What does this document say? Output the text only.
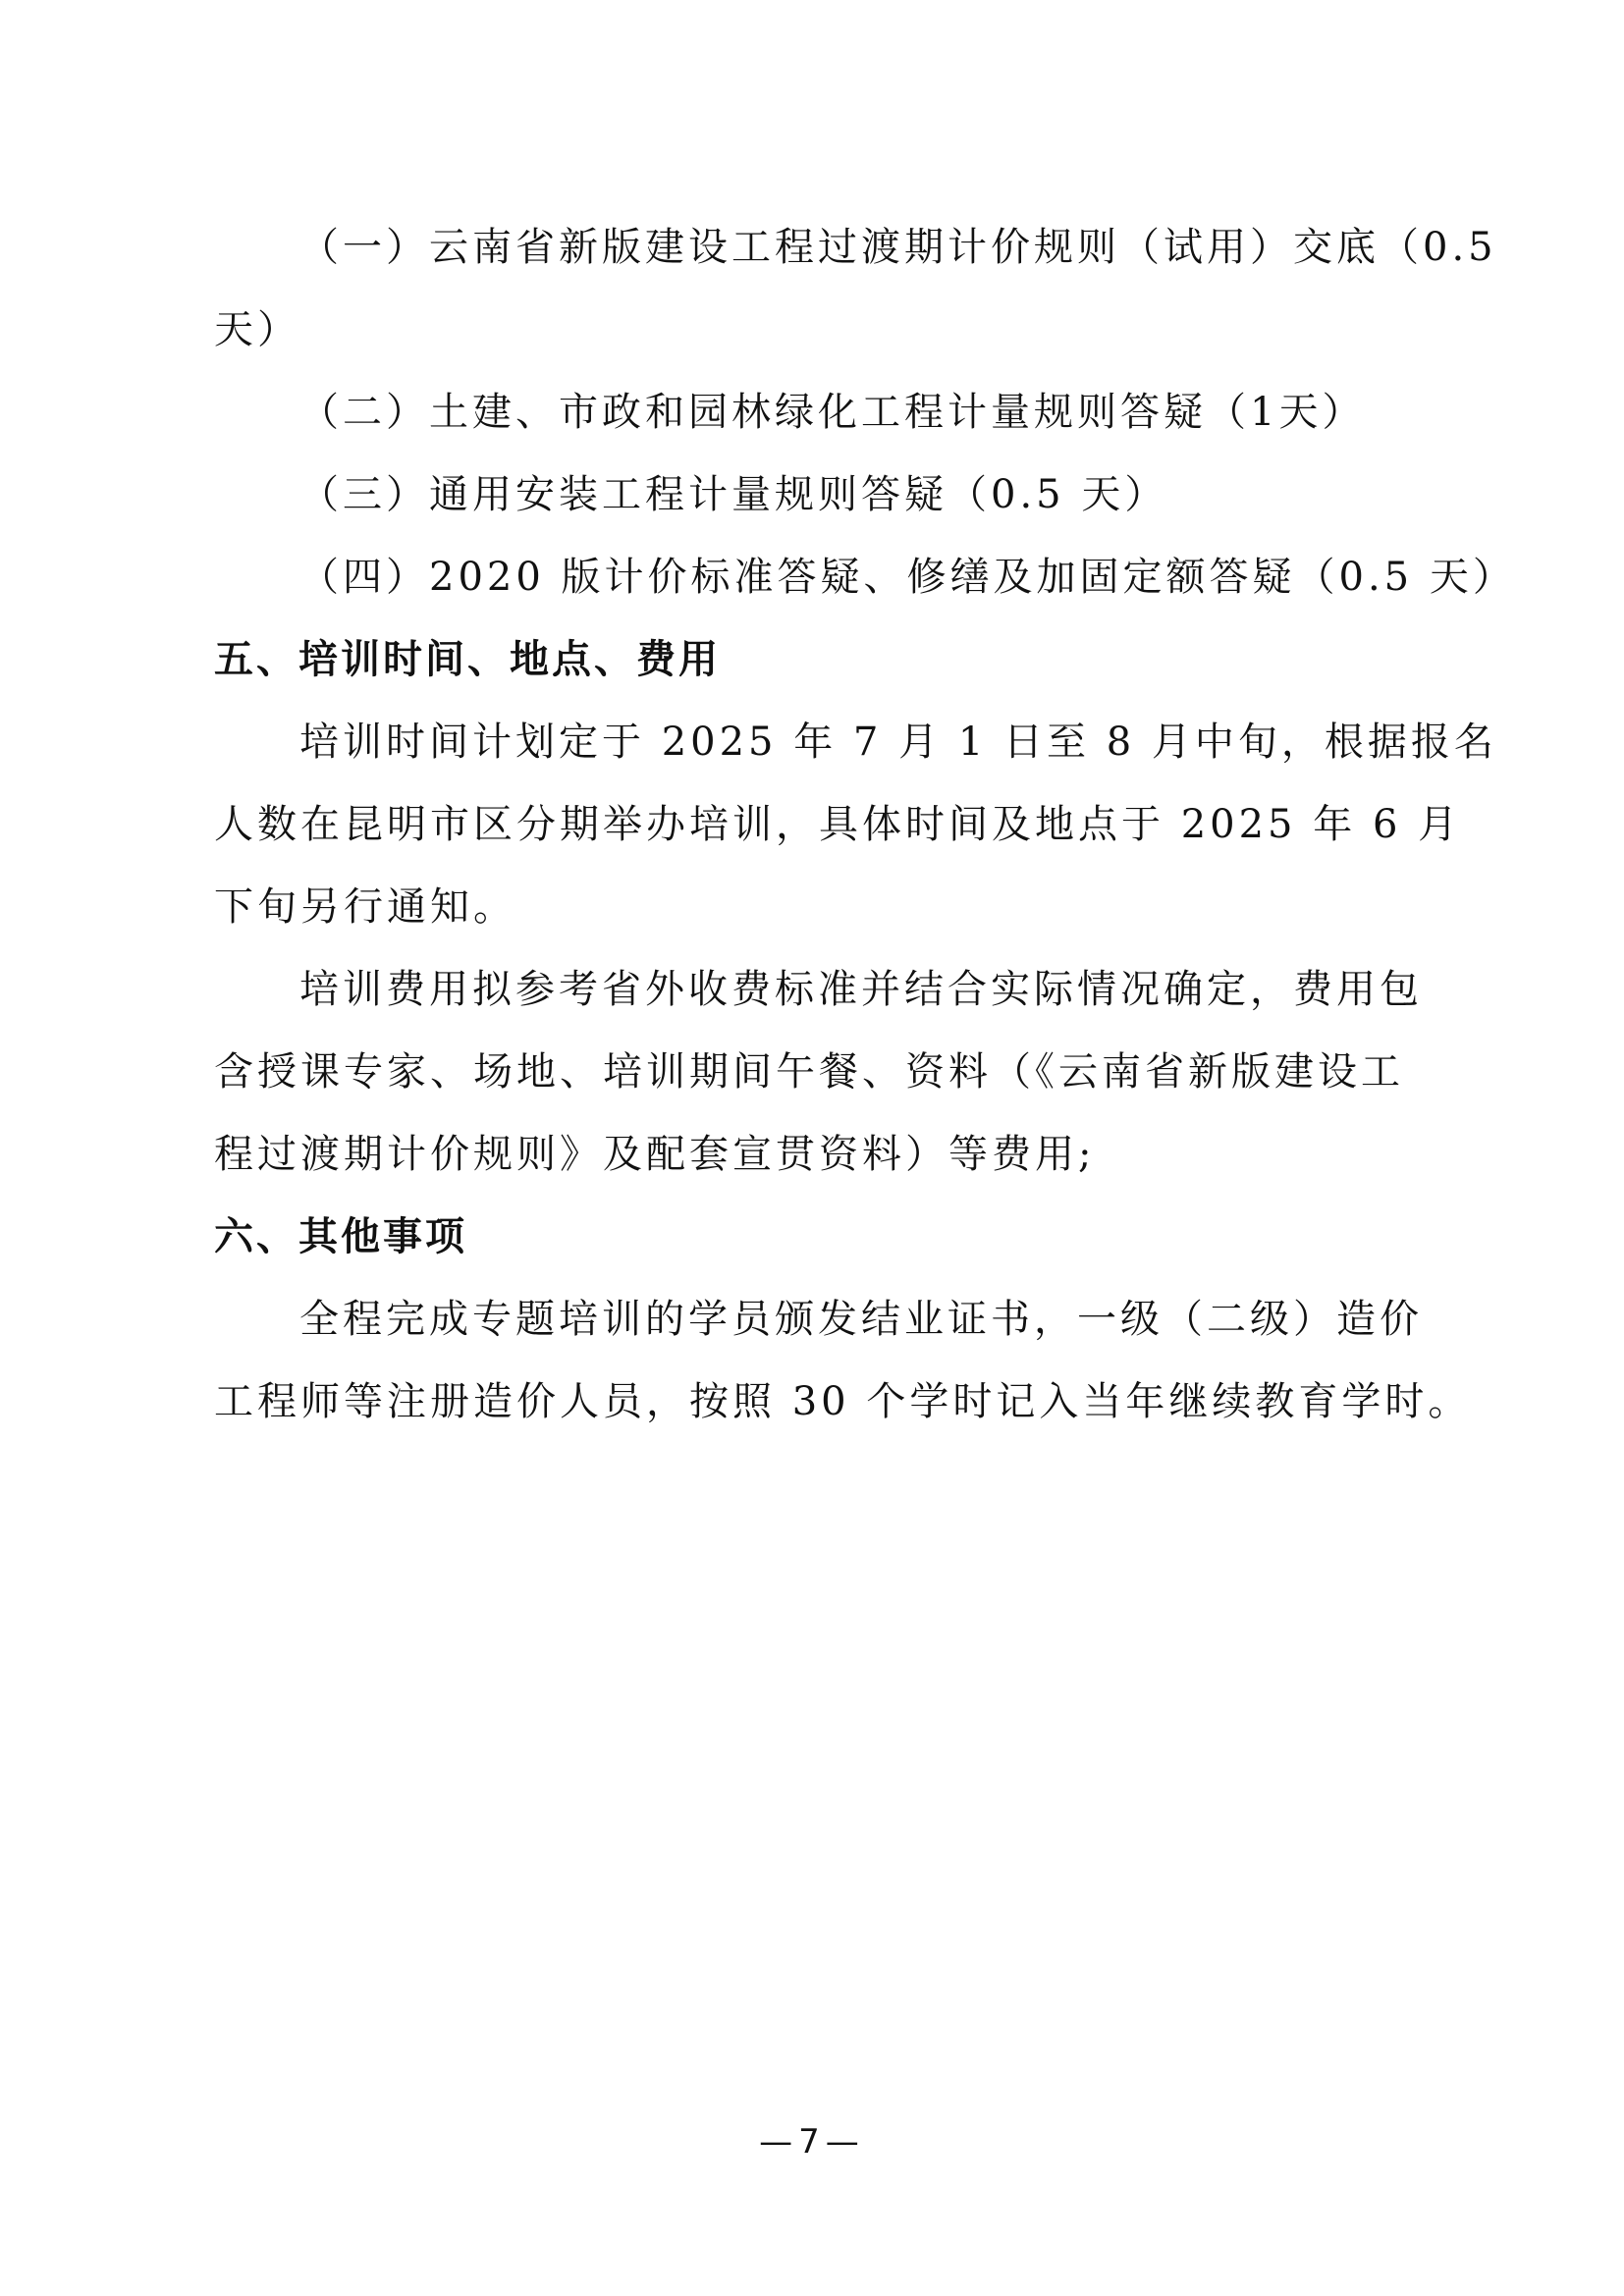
（一）云南省新版建设工程过渡期计价规则（试用）交底（0.5
天）
（二）土建、市政和园林绿化工程计量规则答疑（1天）
（三）通用安装工程计量规则答疑（0.5 天）
（四）2020 版计价标准答疑、修缮及加固定额答疑（0.5 天）
五、培训时间、地点、费用
培训时间计划定于 2025 年 7 月 1 日至 8 月中旬，根据报名
人数在昆明市区分期举办培训，具体时间及地点于 2025 年 6 月
下旬另行通知。
培训费用拟参考省外收费标准并结合实际情况确定，费用包
含授课专家、场地、培训期间午餐、资料（《云南省新版建设工
程过渡期计价规则》及配套宣贯资料）等费用;
六、其他事项
全程完成专题培训的学员颁发结业证书，一级（二级）造价
工程师等注册造价人员，按照 30 个学时记入当年继续教育学时。
—7—
